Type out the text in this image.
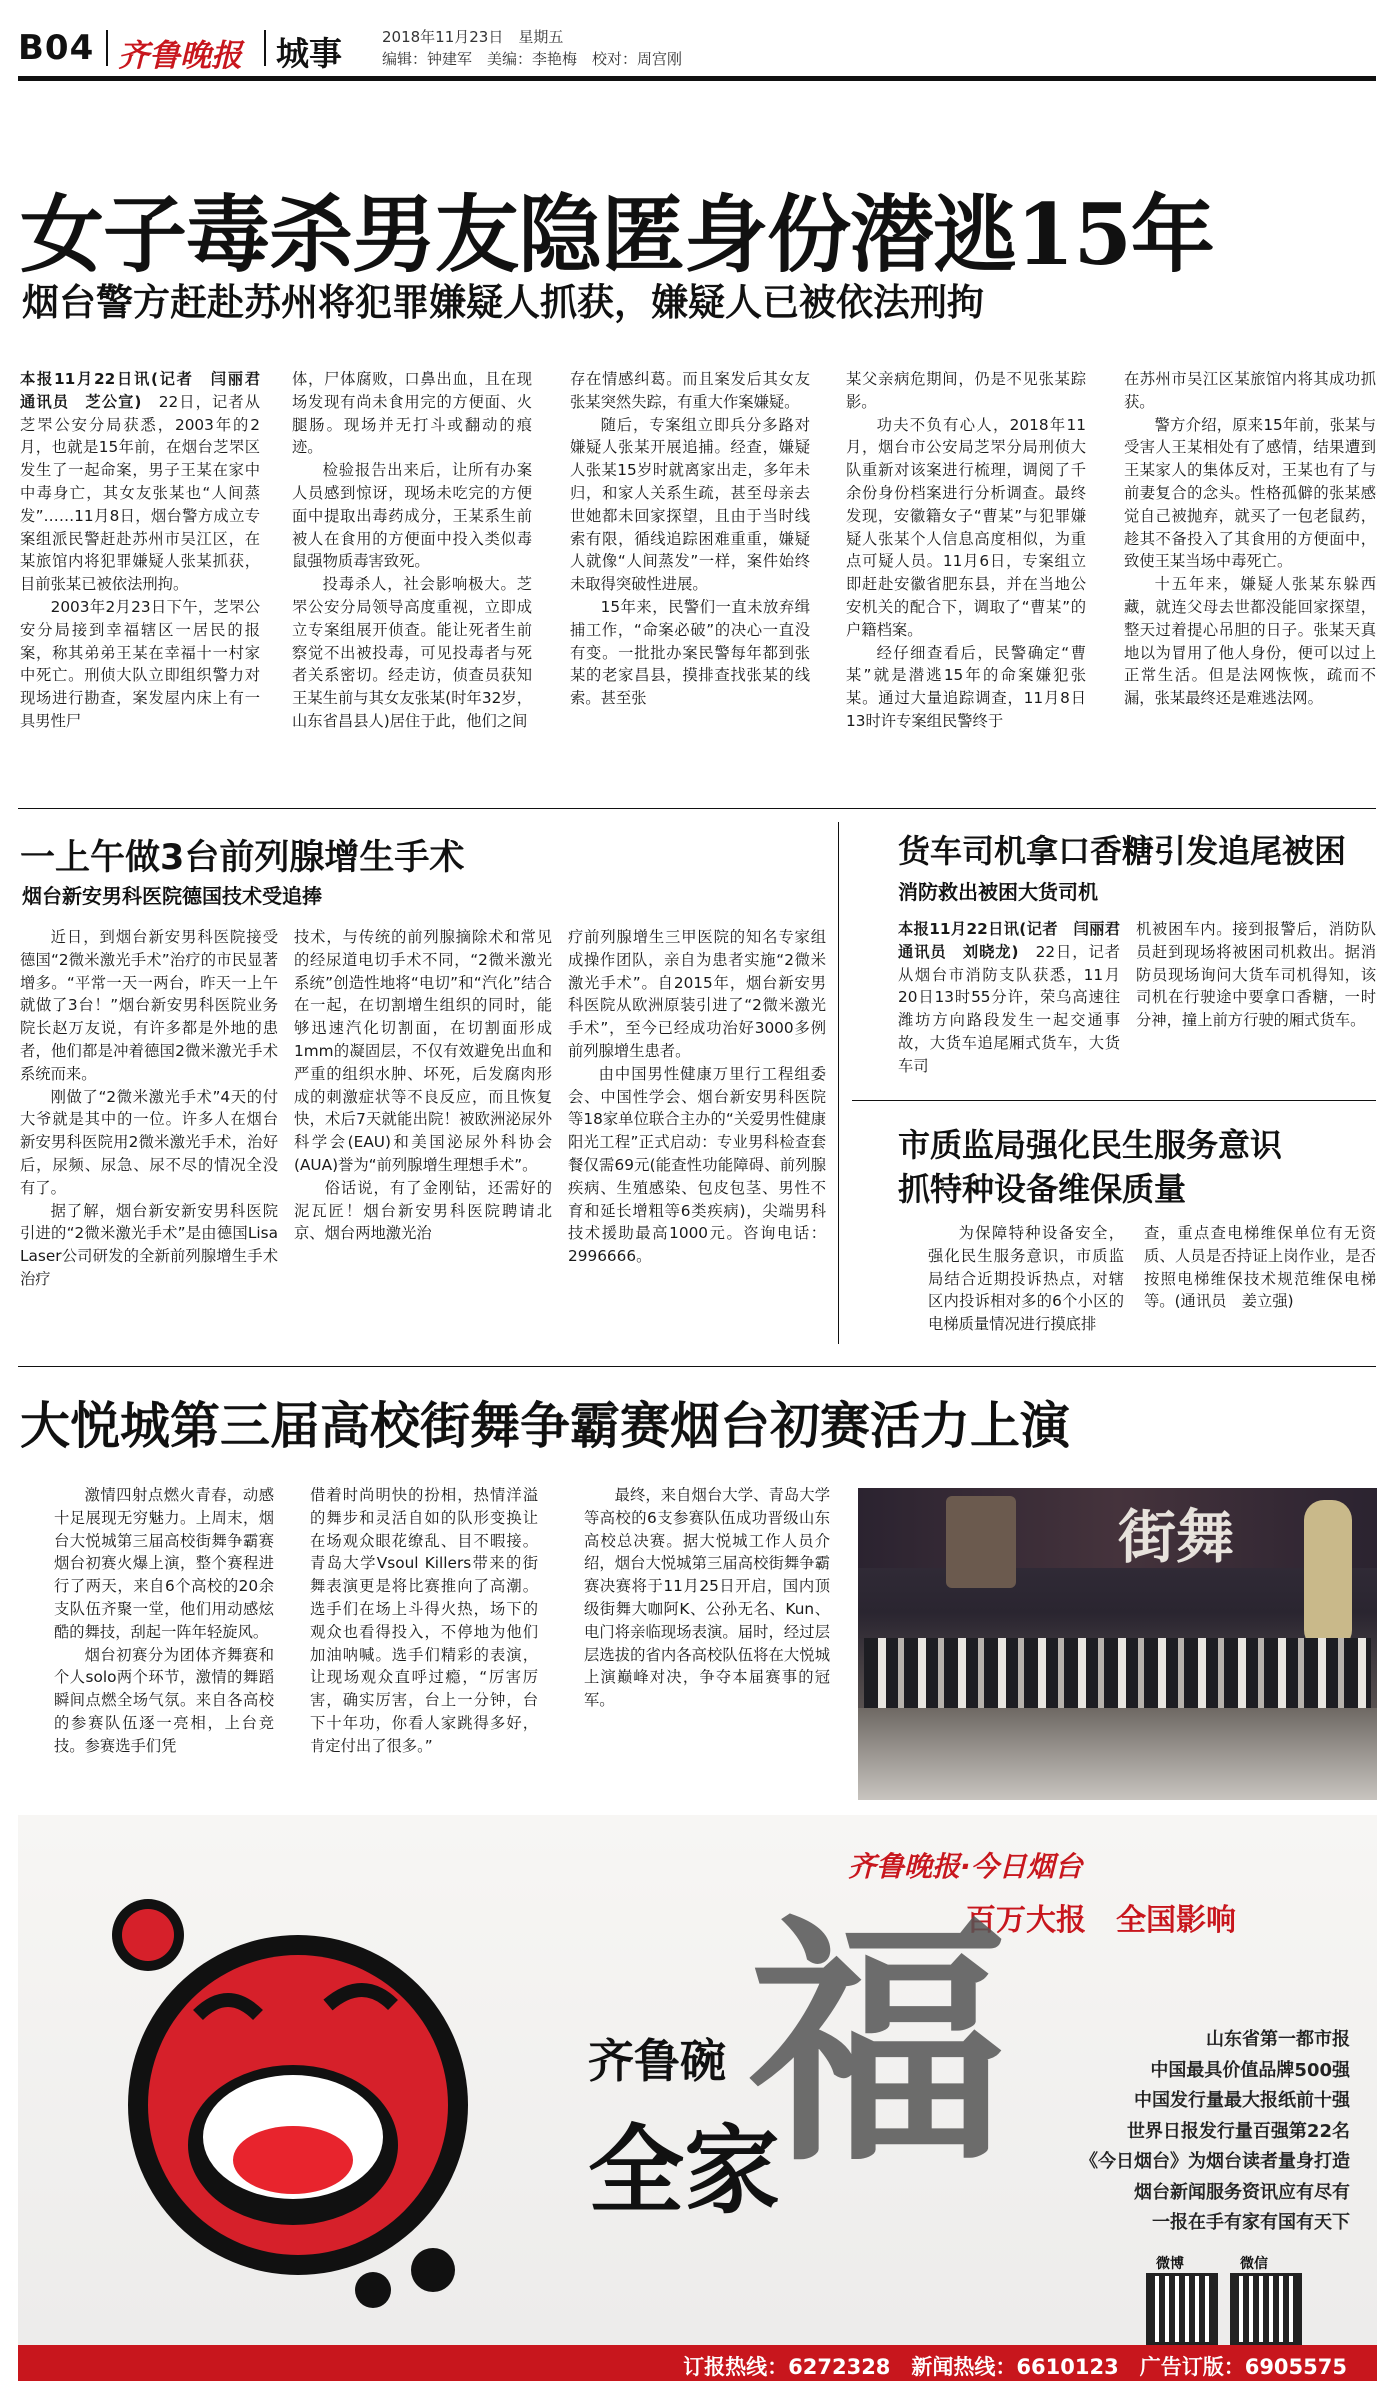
B04 齐鲁晚报 城事	2018年11月23日　星期五
编辑：钟建军　美编：李艳梅　校对：周宫刚
女子毒杀男友隐匿身份潜逃15年
烟台警方赶赴苏州将犯罪嫌疑人抓获，嫌疑人已被依法刑拘

本报11月22日讯(记者　闫丽君　通讯员　芝公宣)　22日，记者从芝罘公安分局获悉，2003年的2月，也就是15年前，在烟台芝罘区发生了一起命案，男子王某在家中中毒身亡，其女友张某也“人间蒸发”……11月8日，烟台警方成立专案组派民警赶赴苏州市吴江区，在某旅馆内将犯罪嫌疑人张某抓获，目前张某已被依法刑拘。

2003年2月23日下午，芝罘公安分局接到幸福辖区一居民的报案，称其弟弟王某在幸福十一村家中死亡。刑侦大队立即组织警力对现场进行勘查，案发屋内床上有一具男性尸

体，尸体腐败，口鼻出血，且在现场发现有尚未食用完的方便面、火腿肠。现场并无打斗或翻动的痕迹。

检验报告出来后，让所有办案人员感到惊讶，现场未吃完的方便面中提取出毒药成分，王某系生前被人在食用的方便面中投入类似毒鼠强物质毒害致死。

投毒杀人，社会影响极大。芝罘公安分局领导高度重视，立即成立专案组展开侦查。能让死者生前察觉不出被投毒，可见投毒者与死者关系密切。经走访，侦查员获知王某生前与其女友张某(时年32岁，山东省昌县人)居住于此，他们之间

存在情感纠葛。而且案发后其女友张某突然失踪，有重大作案嫌疑。

随后，专案组立即兵分多路对嫌疑人张某开展追捕。经查，嫌疑人张某15岁时就离家出走，多年未归，和家人关系生疏，甚至母亲去世她都未回家探望，且由于当时线索有限，循线追踪困难重重，嫌疑人就像“人间蒸发”一样，案件始终未取得突破性进展。

15年来，民警们一直未放弃缉捕工作，“命案必破”的决心一直没有变。一批批办案民警每年都到张某的老家昌县，摸排查找张某的线索。甚至张

某父亲病危期间，仍是不见张某踪影。

功夫不负有心人，2018年11月，烟台市公安局芝罘分局刑侦大队重新对该案进行梳理，调阅了千余份身份档案进行分析调查。最终发现，安徽籍女子“曹某”与犯罪嫌疑人张某个人信息高度相似，为重点可疑人员。11月6日，专案组立即赶赴安徽省肥东县，并在当地公安机关的配合下，调取了“曹某”的户籍档案。

经仔细查看后，民警确定“曹某”就是潜逃15年的命案嫌犯张某。通过大量追踪调查，11月8日13时许专案组民警终于

在苏州市吴江区某旅馆内将其成功抓获。

警方介绍，原来15年前，张某与受害人王某相处有了感情，结果遭到王某家人的集体反对，王某也有了与前妻复合的念头。性格孤僻的张某感觉自己被抛弃，就买了一包老鼠药，趁其不备投入了其食用的方便面中，致使王某当场中毒死亡。

十五年来，嫌疑人张某东躲西藏，就连父母去世都没能回家探望，整天过着提心吊胆的日子。张某天真地以为冒用了他人身份，便可以过上正常生活。但是法网恢恢，疏而不漏，张某最终还是难逃法网。

一上午做3台前列腺增生手术
烟台新安男科医院德国技术受追捧

近日，到烟台新安男科医院接受德国“2微米激光手术”治疗的市民显著增多。“平常一天一两台，昨天一上午就做了3台！”烟台新安男科医院业务院长赵万友说，有许多都是外地的患者，他们都是冲着德国2微米激光手术系统而来。

刚做了“2微米激光手术”4天的付大爷就是其中的一位。许多人在烟台新安男科医院用2微米激光手术，治好后，尿频、尿急、尿不尽的情况全没有了。

据了解，烟台新安新安男科医院引进的“2微米激光手术”是由德国Lisa Laser公司研发的全新前列腺增生手术治疗

技术，与传统的前列腺摘除术和常见的经尿道电切手术不同，“2微米激光系统”创造性地将“电切”和“汽化”结合在一起，在切割增生组织的同时，能够迅速汽化切割面，在切割面形成1mm的凝固层，不仅有效避免出血和严重的组织水肿、坏死，后发腐肉形成的刺激症状等不良反应，而且恢复快，术后7天就能出院！被欧洲泌尿外科学会(EAU)和美国泌尿外科协会(AUA)誉为“前列腺增生理想手术”。

俗话说，有了金刚钻，还需好的泥瓦匠！烟台新安男科医院聘请北京、烟台两地激光治

疗前列腺增生三甲医院的知名专家组成操作团队，亲自为患者实施“2微米激光手术”。自2015年，烟台新安男科医院从欧洲原装引进了“2微米激光手术”，至今已经成功治好3000多例前列腺增生患者。

由中国男性健康万里行工程组委会、中国性学会、烟台新安男科医院等18家单位联合主办的“关爱男性健康阳光工程”正式启动：专业男科检查套餐仅需69元(能查性功能障碍、前列腺疾病、生殖感染、包皮包茎、男性不育和延长增粗等6类疾病)，尖端男科技术援助最高1000元。咨询电话：2996666。

货车司机拿口香糖引发追尾被困
消防救出被困大货司机

本报11月22日讯(记者　闫丽君　通讯员　刘晓龙)　22日，记者从烟台市消防支队获悉，11月20日13时55分许，荣乌高速往潍坊方向路段发生一起交通事故，大货车追尾厢式货车，大货车司

机被困车内。接到报警后，消防队员赶到现场将被困司机救出。据消防员现场询问大货车司机得知，该司机在行驶途中要拿口香糖，一时分神，撞上前方行驶的厢式货车。

市质监局强化民生服务意识
抓特种设备维保质量

为保障特种设备安全，强化民生服务意识，市质监局结合近期投诉热点，对辖区内投诉相对多的6个小区的电梯质量情况进行摸底排

查，重点查电梯维保单位有无资质、人员是否持证上岗作业，是否按照电梯维保技术规范维保电梯等。(通讯员　姜立强)

大悦城第三届高校街舞争霸赛烟台初赛活力上演

激情四射点燃火青春，动感十足展现无穷魅力。上周末，烟台大悦城第三届高校街舞争霸赛烟台初赛火爆上演，整个赛程进行了两天，来自6个高校的20余支队伍齐聚一堂，他们用动感炫酷的舞技，刮起一阵年轻旋风。

烟台初赛分为团体齐舞赛和个人solo两个环节，激情的舞蹈瞬间点燃全场气氛。来自各高校的参赛队伍逐一亮相，上台竞技。参赛选手们凭

借着时尚明快的扮相，热情洋溢的舞步和灵活自如的队形变换让在场观众眼花缭乱、目不暇接。青岛大学Vsoul Killers带来的街舞表演更是将比赛推向了高潮。选手们在场上斗得火热，场下的观众也看得投入，不停地为他们加油呐喊。选手们精彩的表演，让现场观众直呼过瘾，“厉害厉害，确实厉害，台上一分钟，台下十年功，你看人家跳得多好，肯定付出了很多。”

最终，来自烟台大学、青岛大学等高校的6支参赛队伍成功晋级山东高校总决赛。据大悦城工作人员介绍，烟台大悦城第三届高校街舞争霸赛决赛将于11月25日开启，国内顶级街舞大咖阿K、公孙无名、Kun、电门将亲临现场表演。届时，经过层层选拔的省内各高校队伍将在大悦城上演巅峰对决，争夺本届赛事的冠军。

街舞
齐鲁晚报·今日烟台
百万大报　全国影响
齐鲁碗
全家
福	山东省第一都市报
中国最具价值品牌500强
中国发行量最大报纸前十强
世界日报发行量百强第22名
《今日烟台》为烟台读者量身打造
烟台新闻服务资讯应有尽有
一报在手有家有国有天下
微博	微信
订报热线：6272328　新闻热线：6610123　广告订版：6905575
